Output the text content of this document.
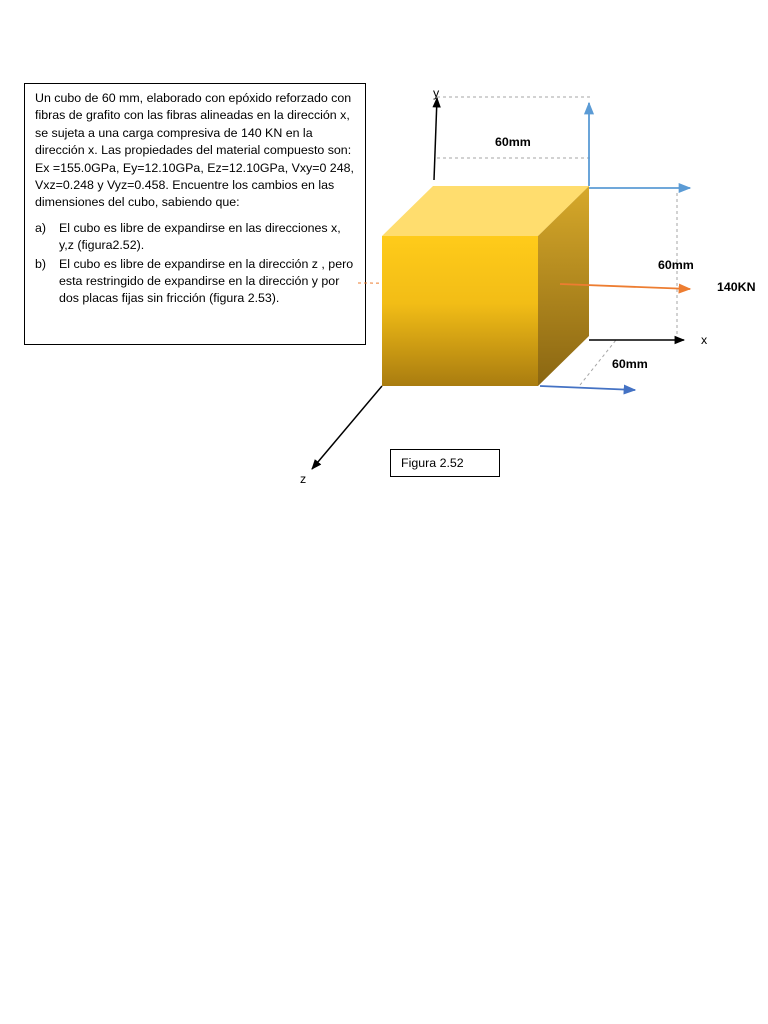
Un cubo de 60 mm, elaborado con epóxido reforzado con fibras de grafito con las fibras alineadas en la dirección x, se sujeta a una carga compresiva de 140 KN en la dirección x. Las propiedades del material compuesto son: Ex =155.0GPa, Ey=12.10GPa, Ez=12.10GPa, Vxy=0 248, Vxz=0.248 y Vyz=0.458. Encuentre los cambios en las dimensiones del cubo, sabiendo que:

a)	El cubo es libre de expandirse en las direcciones x, y,z (figura2.52).
b)	El cubo es libre de expandirse en la dirección z , pero esta restringido de expandirse en la dirección y por dos placas fijas sin fricción (figura 2.53).
y
60mm
60mm
140KN
x
60mm
z
Figura 2.52
